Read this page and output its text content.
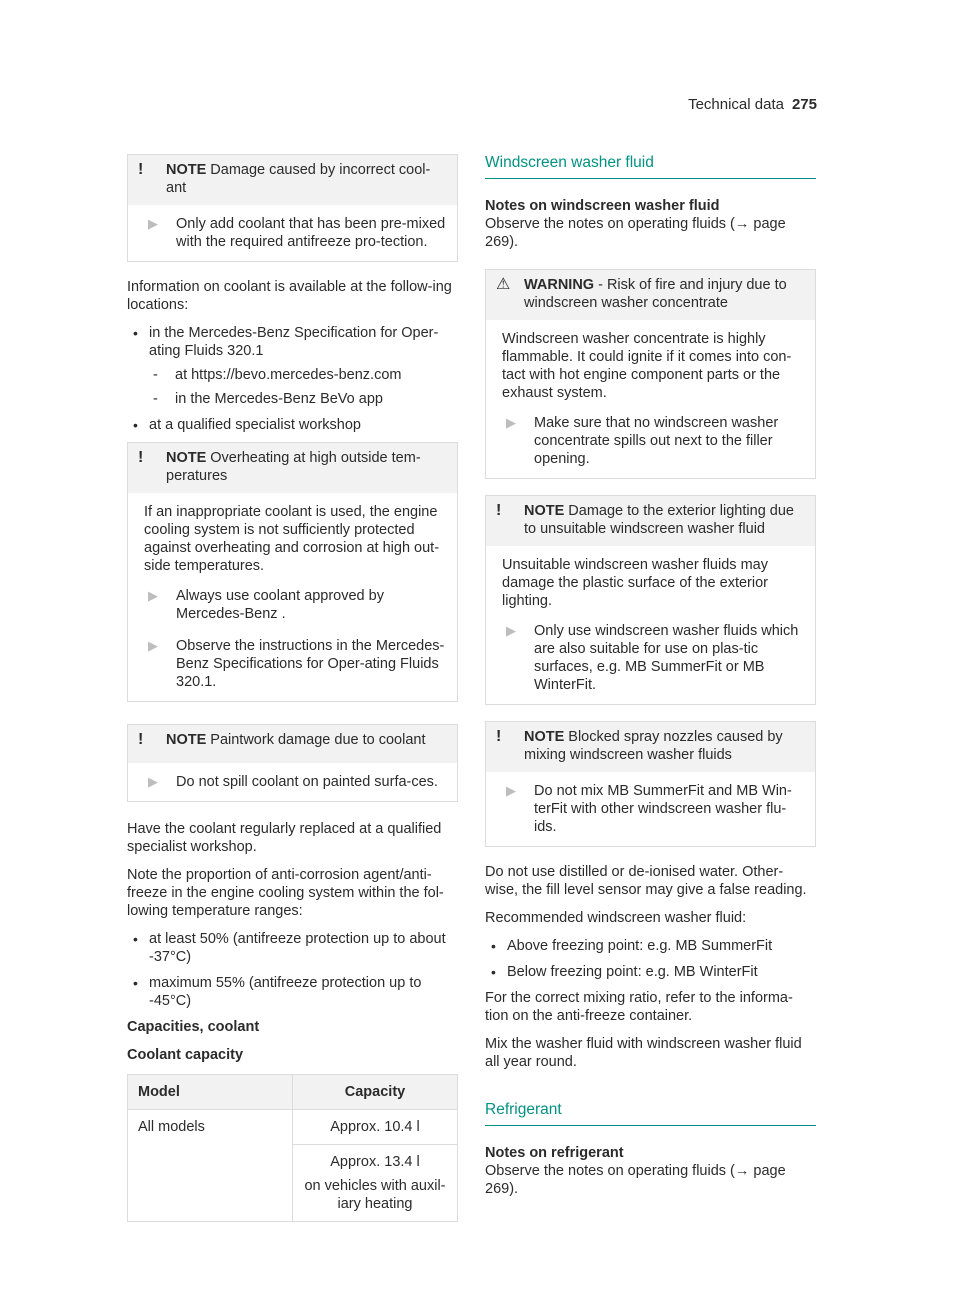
Technical data 275
!	NOTE Damage caused by incorrect cool-ant
▶	Only add coolant that has been pre-mixed with the required antifreeze pro-tection.

Information on coolant is available at the follow-ing locations:

• in the Mercedes-Benz Specification for Oper-ating Fluids 320.1
- at https://bevo.mercedes-benz.com
- in the Mercedes-Benz BeVo app
• at a qualified specialist workshop
!	NOTE Overheating at high outside tem-peratures

If an inappropriate coolant is used, the engine cooling system is not sufficiently protected against overheating and corrosion at high out-side temperatures.

▶	Always use coolant approved by Mercedes-Benz .
▶	Observe the instructions in the Mercedes-Benz Specifications for Oper-ating Fluids 320.1.
!	NOTE Paintwork damage due to coolant
▶	Do not spill coolant on painted surfa-ces.

Have the coolant regularly replaced at a qualified specialist workshop.

Note the proportion of anti-corrosion agent/anti-freeze in the engine cooling system within the fol-lowing temperature ranges:

• at least 50% (antifreeze protection up to about -37°C)
• maximum 55% (antifreeze protection up to -45°C)
Capacities, coolant
Coolant capacity
Model	Capacity
All models	Approx. 10.4 l

	Approx. 13.4 l
on vehicles with auxil-iary heating
Windscreen washer fluid
Notes on windscreen washer fluid

Observe the notes on operating fluids (→ page 269).

⚠ WARNING - Risk of fire and injury due to windscreen washer concentrate

Windscreen washer concentrate is highly flammable. It could ignite if it comes into con-tact with hot engine component parts or the exhaust system.

▶	Make sure that no windscreen washer concentrate spills out next to the filler opening.
!	NOTE Damage to the exterior lighting due to unsuitable windscreen washer fluid

Unsuitable windscreen washer fluids may damage the plastic surface of the exterior lighting.

▶	Only use windscreen washer fluids which are also suitable for use on plas-tic surfaces, e.g. MB SummerFit or MB WinterFit.
!	NOTE Blocked spray nozzles caused by mixing windscreen washer fluids
▶	Do not mix MB SummerFit and MB Win-terFit with other windscreen washer flu-ids.

Do not use distilled or de-ionised water. Other-wise, the fill level sensor may give a false reading.

Recommended windscreen washer fluid:

• Above freezing point: e.g. MB SummerFit
• Below freezing point: e.g. MB WinterFit

For the correct mixing ratio, refer to the informa-tion on the anti-freeze container.

Mix the washer fluid with windscreen washer fluid all year round.

Refrigerant
Notes on refrigerant

Observe the notes on operating fluids (→ page 269).
